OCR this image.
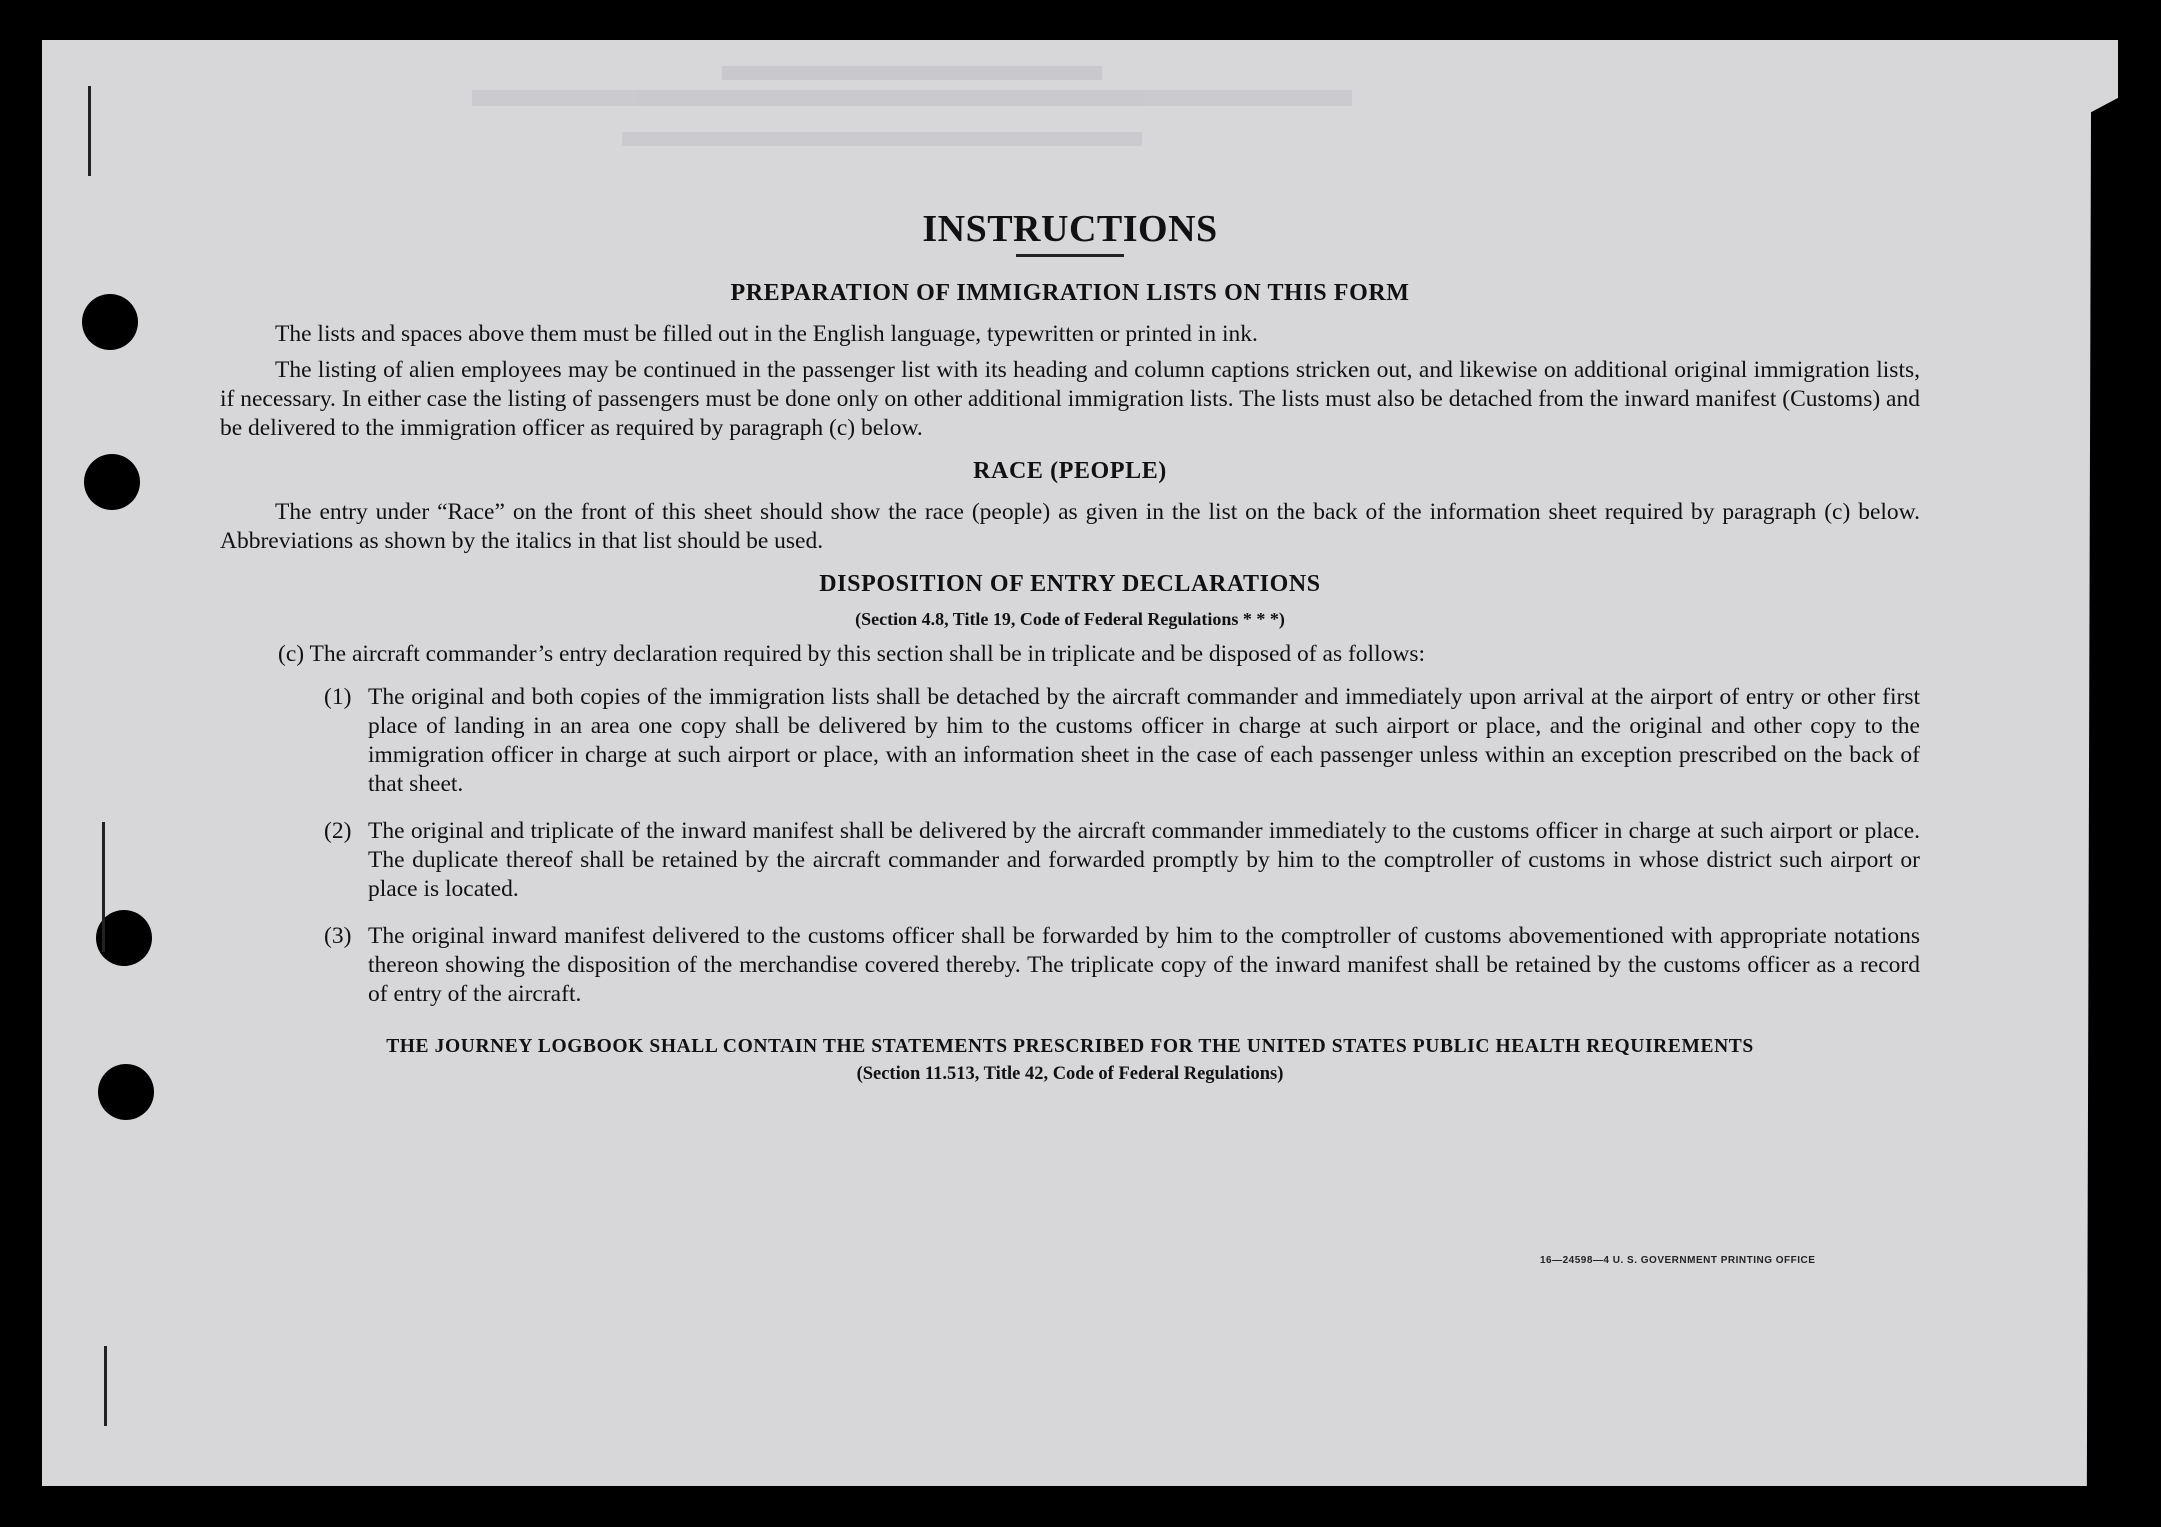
INSTRUCTIONS
PREPARATION OF IMMIGRATION LISTS ON THIS FORM

The lists and spaces above them must be filled out in the English language, typewritten or printed in ink.

The listing of alien employees may be continued in the passenger list with its heading and column captions stricken out, and likewise on additional original immigration lists, if necessary. In either case the listing of passengers must be done only on other additional immigration lists. The lists must also be detached from the inward manifest (Customs) and be delivered to the immigration officer as required by paragraph (c) below.

RACE (PEOPLE)

The entry under “Race” on the front of this sheet should show the race (people) as given in the list on the back of the information sheet required by paragraph (c) below. Abbreviations as shown by the italics in that list should be used.

DISPOSITION OF ENTRY DECLARATIONS
(Section 4.8, Title 19, Code of Federal Regulations * * *)

(c) The aircraft commander’s entry declaration required by this section shall be in triplicate and be disposed of as follows:

(1) The original and both copies of the immigration lists shall be detached by the aircraft commander and immediately upon arrival at the airport of entry or other first place of landing in an area one copy shall be delivered by him to the customs officer in charge at such airport or place, and the original and other copy to the immigration officer in charge at such airport or place, with an information sheet in the case of each passenger unless within an exception prescribed on the back of that sheet.
(2) The original and triplicate of the inward manifest shall be delivered by the aircraft commander immediately to the customs officer in charge at such airport or place. The duplicate thereof shall be retained by the aircraft commander and forwarded promptly by him to the comptroller of customs in whose district such airport or place is located.
(3) The original inward manifest delivered to the customs officer shall be forwarded by him to the comptroller of customs abovementioned with appropriate notations thereon showing the disposition of the merchandise covered thereby. The triplicate copy of the inward manifest shall be retained by the customs officer as a record of entry of the aircraft.
THE JOURNEY LOGBOOK SHALL CONTAIN THE STATEMENTS PRESCRIBED FOR THE UNITED STATES PUBLIC HEALTH REQUIREMENTS
(Section 11.513, Title 42, Code of Federal Regulations)
16—24598—4 U. S. GOVERNMENT PRINTING OFFICE
